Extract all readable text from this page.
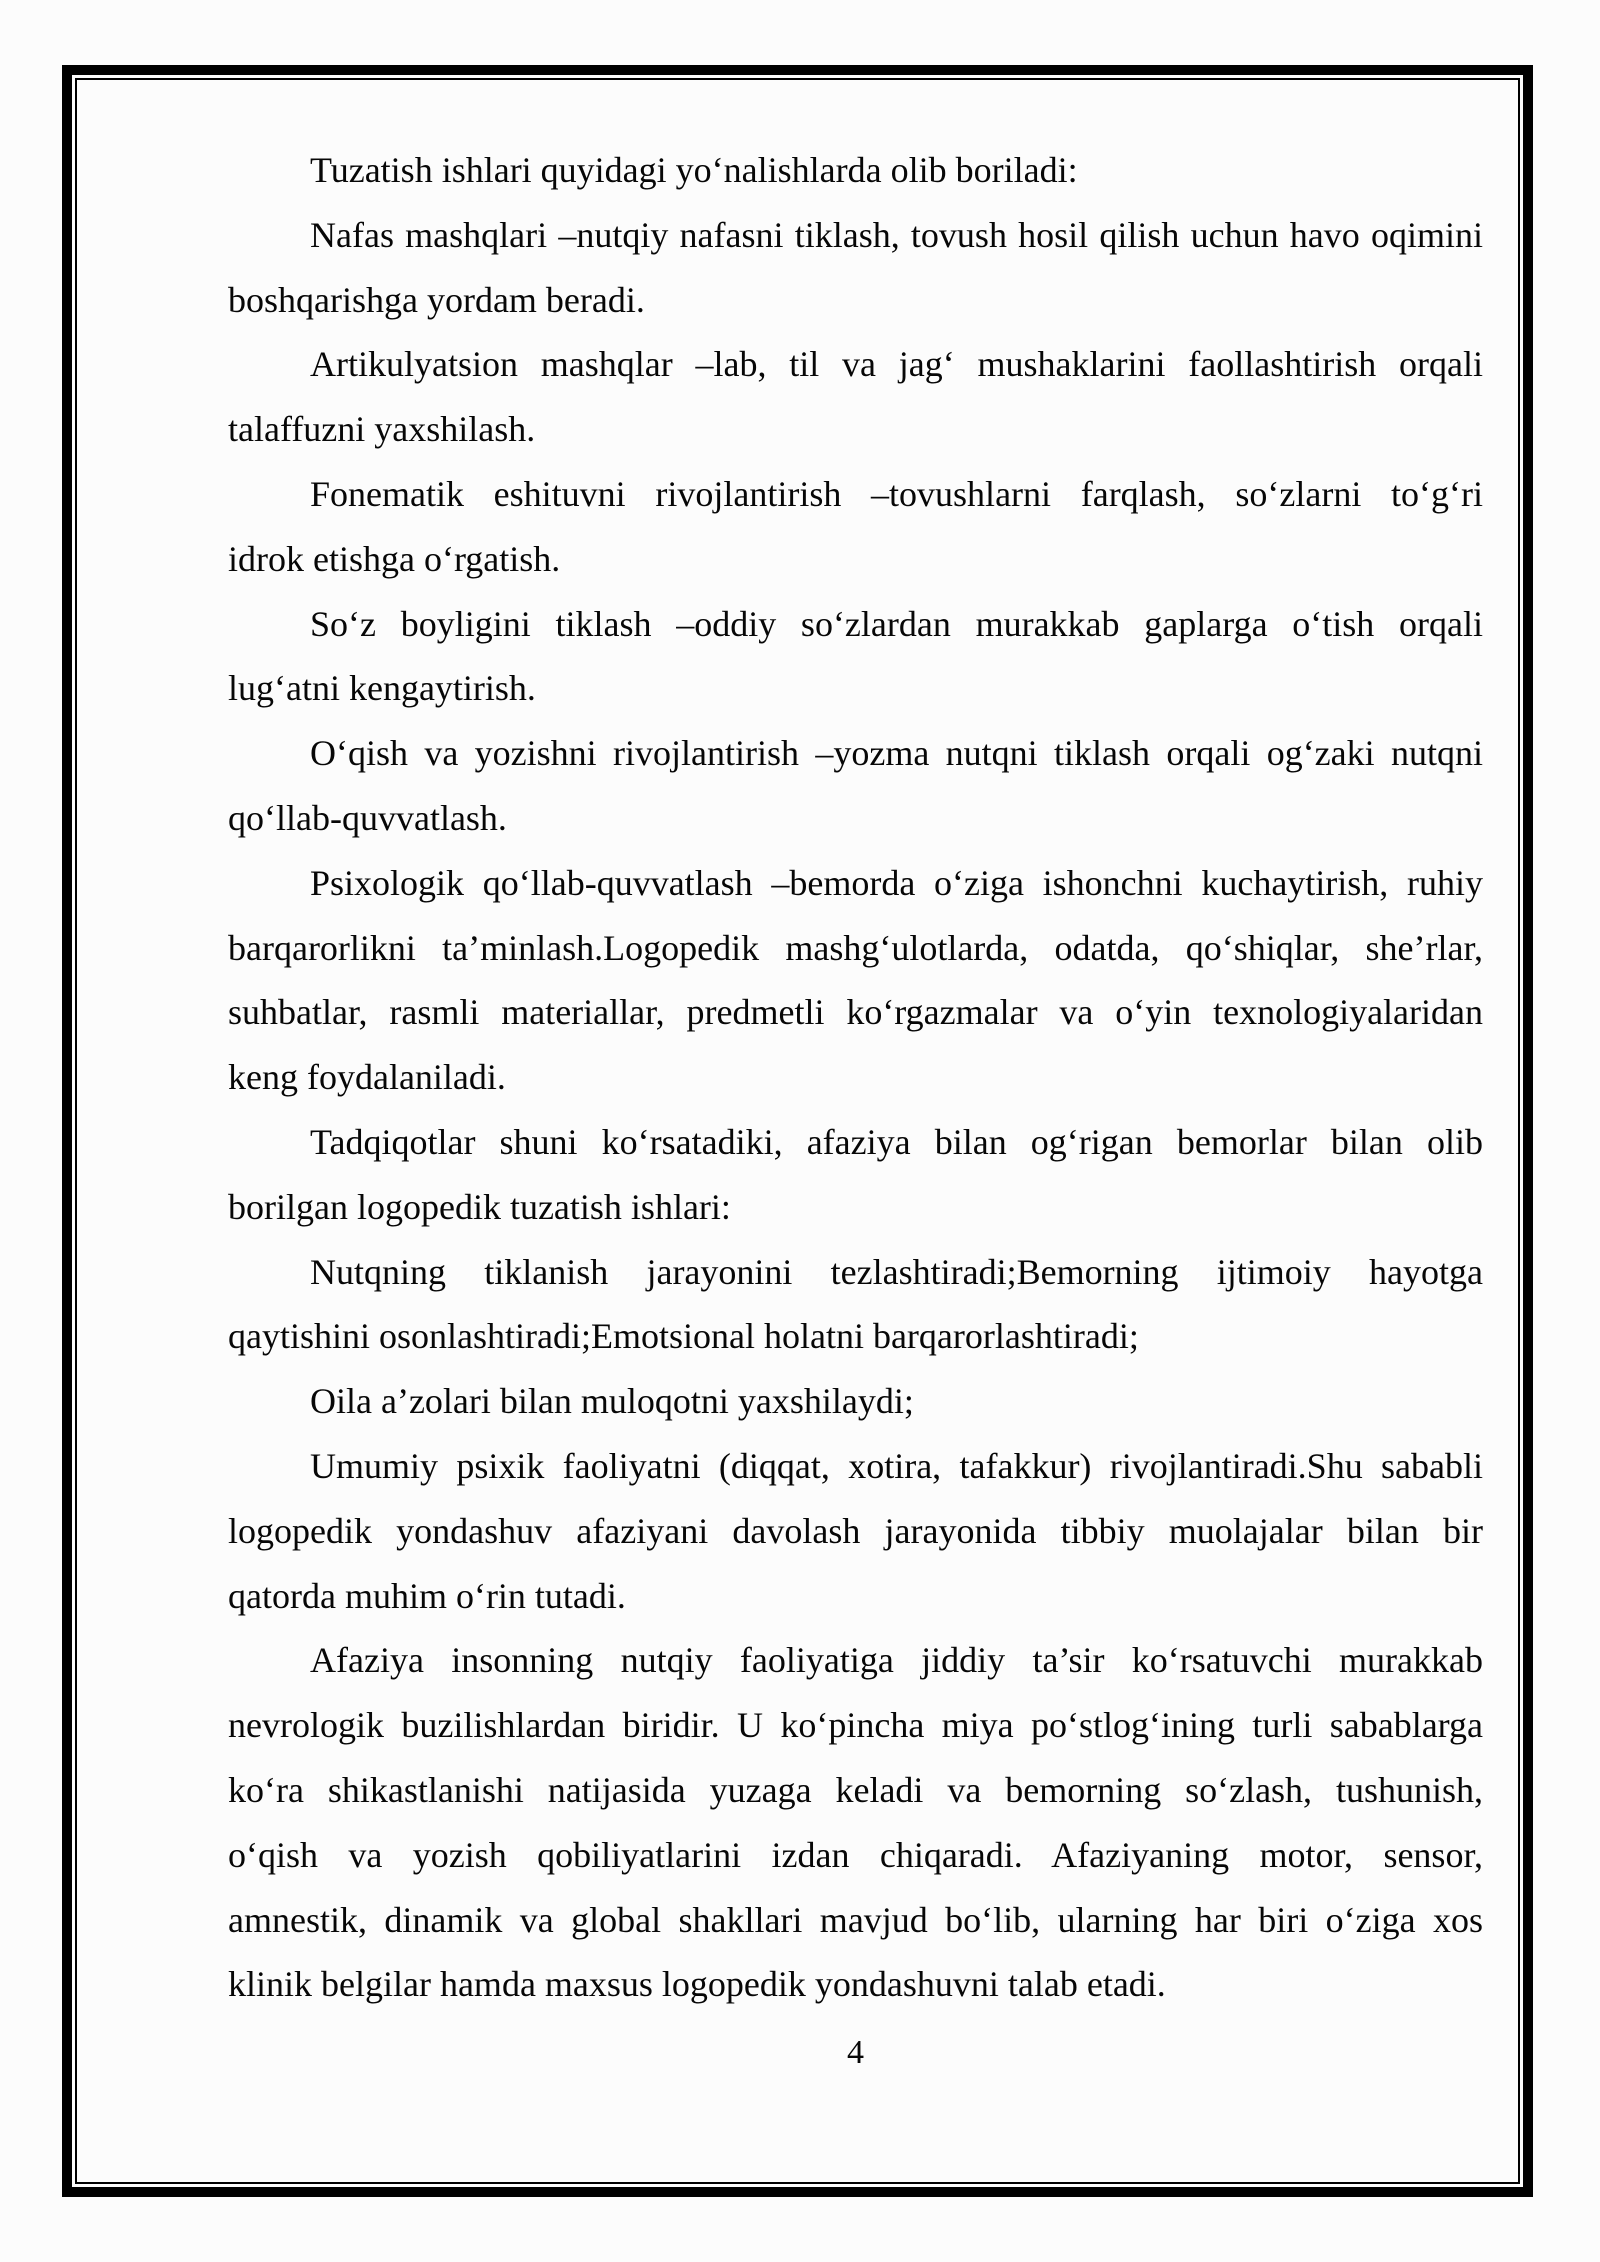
Tuzatish ishlari quyidagi yo‘nalishlarda olib boriladi:
Nafas mashqlari –nutqiy nafasni tiklash, tovush hosil qilish uchun havo oqimini
boshqarishga yordam beradi.
Artikulyatsion mashqlar –lab, til va jag‘ mushaklarini faollashtirish orqali
talaffuzni yaxshilash.
Fonematik eshituvni rivojlantirish –tovushlarni farqlash, so‘zlarni to‘g‘ri
idrok etishga o‘rgatish.
So‘z boyligini tiklash –oddiy so‘zlardan murakkab gaplarga o‘tish orqali
lug‘atni kengaytirish.
O‘qish va yozishni rivojlantirish –yozma nutqni tiklash orqali og‘zaki nutqni
qo‘llab-quvvatlash.
Psixologik qo‘llab-quvvatlash –bemorda o‘ziga ishonchni kuchaytirish, ruhiy
barqarorlikni ta’minlash.Logopedik mashg‘ulotlarda, odatda, qo‘shiqlar, she’rlar,
suhbatlar, rasmli materiallar, predmetli ko‘rgazmalar va o‘yin texnologiyalaridan
keng foydalaniladi.
Tadqiqotlar shuni ko‘rsatadiki, afaziya bilan og‘rigan bemorlar bilan olib
borilgan logopedik tuzatish ishlari:
Nutqning tiklanish jarayonini tezlashtiradi;Bemorning ijtimoiy hayotga
qaytishini osonlashtiradi;Emotsional holatni barqarorlashtiradi;
Oila a’zolari bilan muloqotni yaxshilaydi;
Umumiy psixik faoliyatni (diqqat, xotira, tafakkur) rivojlantiradi.Shu sababli
logopedik yondashuv afaziyani davolash jarayonida tibbiy muolajalar bilan bir
qatorda muhim o‘rin tutadi.
Afaziya insonning nutqiy faoliyatiga jiddiy ta’sir ko‘rsatuvchi murakkab
nevrologik buzilishlardan biridir. U ko‘pincha miya po‘stlog‘ining turli sabablarga
ko‘ra shikastlanishi natijasida yuzaga keladi va bemorning so‘zlash, tushunish,
o‘qish va yozish qobiliyatlarini izdan chiqaradi. Afaziyaning motor, sensor,
amnestik, dinamik va global shakllari mavjud bo‘lib, ularning har biri o‘ziga xos
klinik belgilar hamda maxsus logopedik yondashuvni talab etadi.
4
